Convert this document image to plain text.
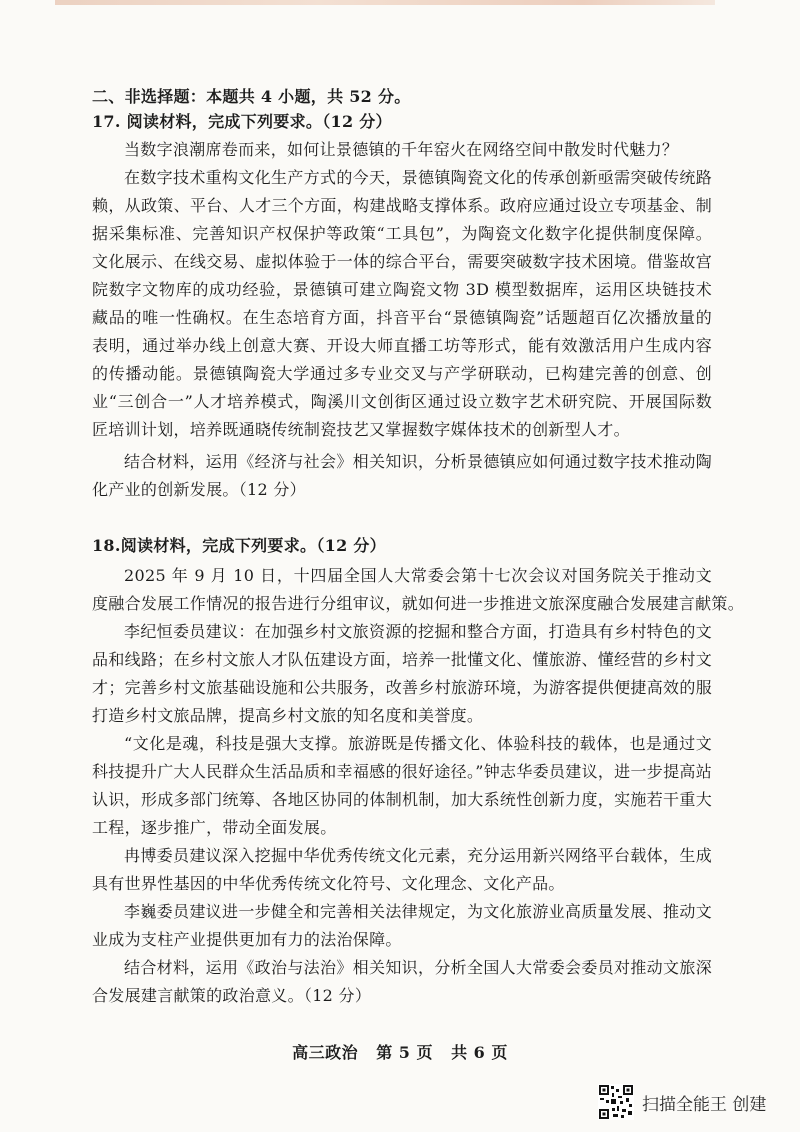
二、非选择题：本题共 4 小题，共 52 分。
17. 阅读材料，完成下列要求。（12 分）
当数字浪潮席卷而来，如何让景德镇的千年窑火在网络空间中散发时代魅力？
在数字技术重构文化生产方式的今天，景德镇陶瓷文化的传承创新亟需突破传统路
赖，从政策、平台、人才三个方面，构建战略支撑体系。政府应通过设立专项基金、制
据采集标准、完善知识产权保护等政策“工具包”，为陶瓷文化数字化提供制度保障。
文化展示、在线交易、虚拟体验于一体的综合平台，需要突破数字技术困境。借鉴故宫
院数字文物库的成功经验，景德镇可建立陶瓷文物 3D 模型数据库，运用区块链技术
藏品的唯一性确权。在生态培育方面，抖音平台“景德镇陶瓷”话题超百亿次播放量的
表明，通过举办线上创意大赛、开设大师直播工坊等形式，能有效激活用户生成内容
的传播动能。景德镇陶瓷大学通过多专业交叉与产学研联动，已构建完善的创意、创
业“三创合一”人才培养模式，陶溪川文创街区通过设立数字艺术研究院、开展国际数
匠培训计划，培养既通晓传统制瓷技艺又掌握数字媒体技术的创新型人才。
结合材料，运用《经济与社会》相关知识，分析景德镇应如何通过数字技术推动陶
化产业的创新发展。（12 分）
18.阅读材料，完成下列要求。（12 分）
2025 年 9 月 10 日，十四届全国人大常委会第十七次会议对国务院关于推动文
度融合发展工作情况的报告进行分组审议，就如何进一步推进文旅深度融合发展建言献策。
李纪恒委员建议：在加强乡村文旅资源的挖掘和整合方面，打造具有乡村特色的文
品和线路；在乡村文旅人才队伍建设方面，培养一批懂文化、懂旅游、懂经营的乡村文
才；完善乡村文旅基础设施和公共服务，改善乡村旅游环境，为游客提供便捷高效的服
打造乡村文旅品牌，提高乡村文旅的知名度和美誉度。
“文化是魂，科技是强大支撑。旅游既是传播文化、体验科技的载体，也是通过文
科技提升广大人民群众生活品质和幸福感的很好途径。”钟志华委员建议，进一步提高站
认识，形成多部门统筹、各地区协同的体制机制，加大系统性创新力度，实施若干重大
工程，逐步推广，带动全面发展。
冉博委员建议深入挖掘中华优秀传统文化元素，充分运用新兴网络平台载体，生成
具有世界性基因的中华优秀传统文化符号、文化理念、文化产品。
李巍委员建议进一步健全和完善相关法律规定，为文化旅游业高质量发展、推动文
业成为支柱产业提供更加有力的法治保障。
结合材料，运用《政治与法治》相关知识，分析全国人大常委会委员对推动文旅深
合发展建言献策的政治意义。（12 分）
高三政治 第 5 页 共 6 页
扫描全能王 创建
